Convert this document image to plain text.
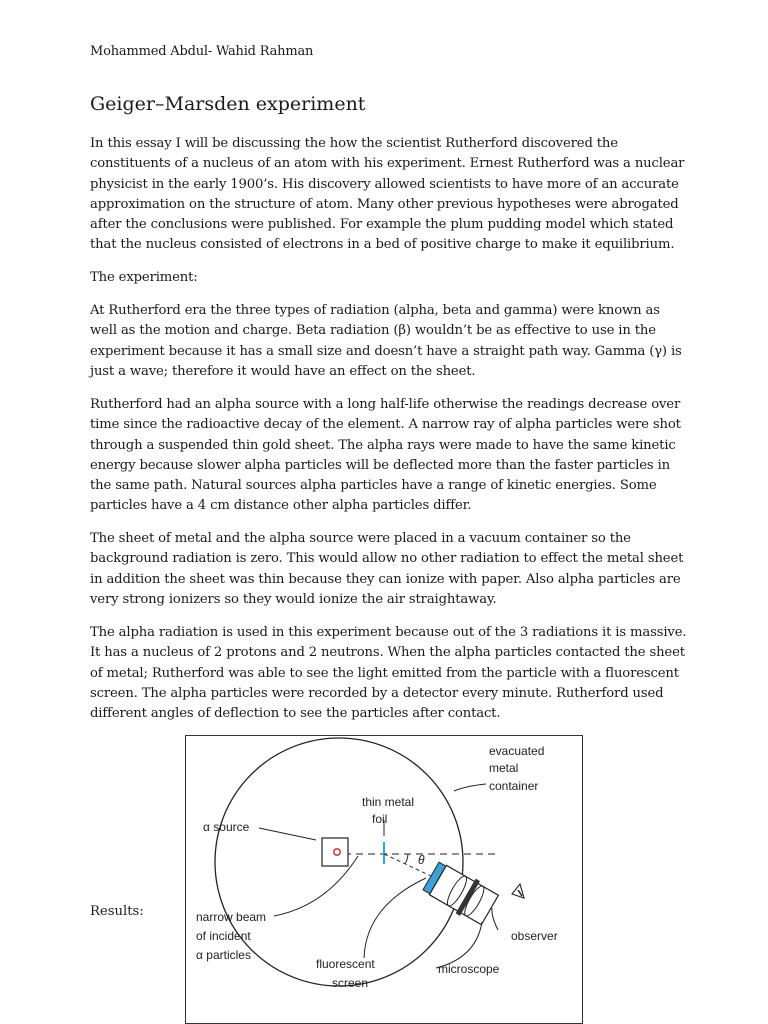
Mohammed Abdul- Wahid Rahman
Geiger–Marsden experiment

In this essay I will be discussing the how the scientist Rutherford discovered the constituents of a nucleus of an atom with his experiment. Ernest Rutherford was a nuclear physicist in the early 1900’s. His discovery allowed scientists to have more of an accurate approximation on the structure of atom. Many other previous hypotheses were abrogated after the conclusions were published. For example the plum pudding model which stated that the nucleus consisted of electrons in a bed of positive charge to make it equilibrium.

The experiment:

At Rutherford era the three types of radiation (alpha, beta and gamma) were known as well as the motion and charge. Beta radiation (β) wouldn’t be as effective to use in the experiment because it has a small size and doesn’t have a straight path way. Gamma (γ) is just a wave; therefore it would have an effect on the sheet.

Rutherford had an alpha source with a long half-life otherwise the readings decrease over time since the radioactive decay of the element. A narrow ray of alpha particles were shot through a suspended thin gold sheet. The alpha rays were made to have the same kinetic energy because slower alpha particles will be deflected more than the faster particles in the same path. Natural sources alpha particles have a range of kinetic energies. Some particles have a 4 cm distance other alpha particles differ.

The sheet of metal and the alpha source were placed in a vacuum container so the background radiation is zero. This would allow no other radiation to effect the metal sheet in addition the sheet was thin because they can ionize with paper. Also alpha particles are very strong ionizers so they would ionize the air straightaway.

The alpha radiation is used in this experiment because out of the 3 radiations it is massive. It has a nucleus of 2 protons and 2 neutrons. When the alpha particles contacted the sheet of metal; Rutherford was able to see the light emitted from the particle with a fluorescent screen. The alpha particles were recorded by a detector every minute. Rutherford used different angles of deflection to see the particles after contact.

Results:
evacuated
metal
container
thin metal
foil
α source
θ
narrow beam
of incident
α particles
observer
fluorescent
screen
microscope
